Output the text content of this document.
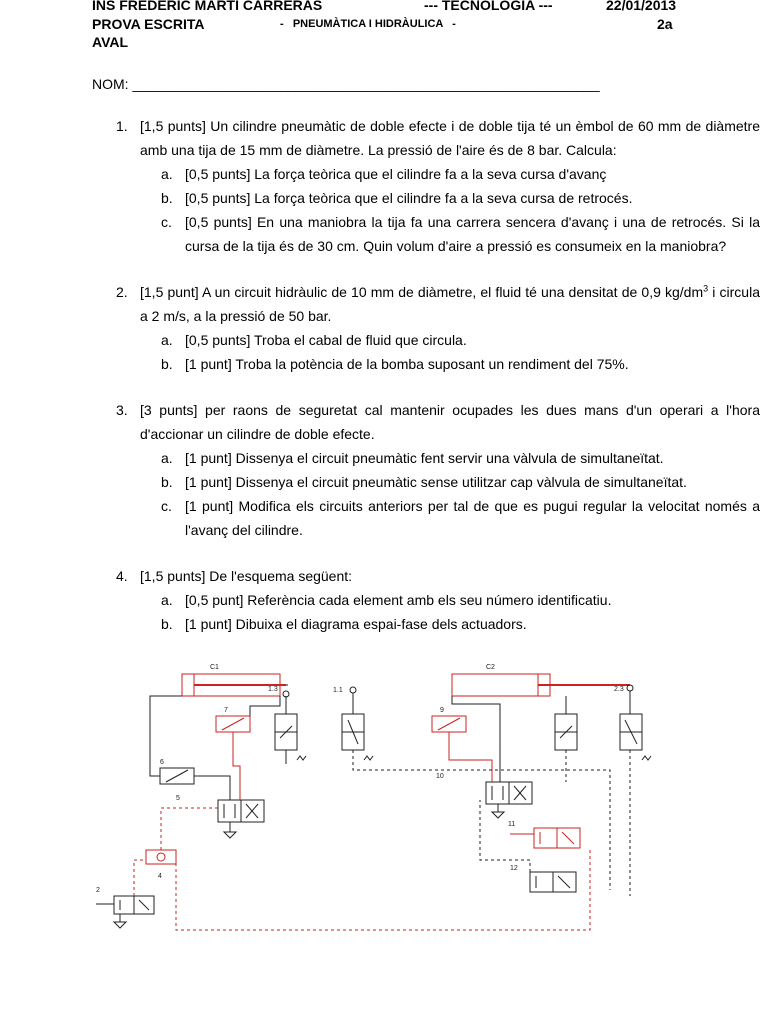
INS FREDERIC MARTI CARRERAS	--- TECNOLOGIA ---	22/01/2013
PROVA ESCRITA	-   PNEUMÀTICA I HIDRÀULICA   -	2a
AVAL
NOM: ____________________________________________________________
1. [1,5 punts] Un cilindre pneumàtic de doble efecte i de doble tija té un èmbol de 60 mm de diàmetre amb una tija de 15 mm de diàmetre. La pressió de l'aire és de 8 bar. Calcula:
a. [0,5 punts] La força teòrica que el cilindre fa a la seva cursa d'avanç
b. [0,5 punts] La força teòrica que el cilindre fa a la seva cursa de retrocés.
c. [0,5 punts] En una maniobra la tija fa una carrera sencera d'avanç i una de retrocés. Si la cursa de la tija és de 30 cm. Quin volum d'aire a pressió es consumeix en la maniobra?
2. [1,5 punt] A un circuit hidràulic de 10 mm de diàmetre, el fluid té una densitat de 0,9 $kg/dm^3$ i circula a 2 m/s, a la pressió de 50 bar.
a. [0,5 punts] Troba el cabal de fluid que circula.
b. [1 punt] Troba la potència de la bomba suposant un rendiment del 75%.
3. [3 punts] per raons de seguretat cal mantenir ocupades les dues mans d'un operari a l'hora d'accionar un cilindre de doble efecte.
a. [1 punt] Dissenya el circuit pneumàtic fent servir una vàlvula de simultaneïtat.
b. [1 punt] Dissenya el circuit pneumàtic sense utilitzar cap vàlvula de simultaneïtat.
c. [1 punt] Modifica els circuits anteriors per tal de que es pugui regular la velocitat només a l'avanç del cilindre.
4. [1,5 punts] De l'esquema següent:
a. [0,5 punt] Referència cada element amb els seu número identificatiu.
b. [1 punt] Dibuixa el diagrama espai-fase dels actuadors.
C1
1.3
C2
2.3
1.1
7
6
9
5
10
11
12
2
4
